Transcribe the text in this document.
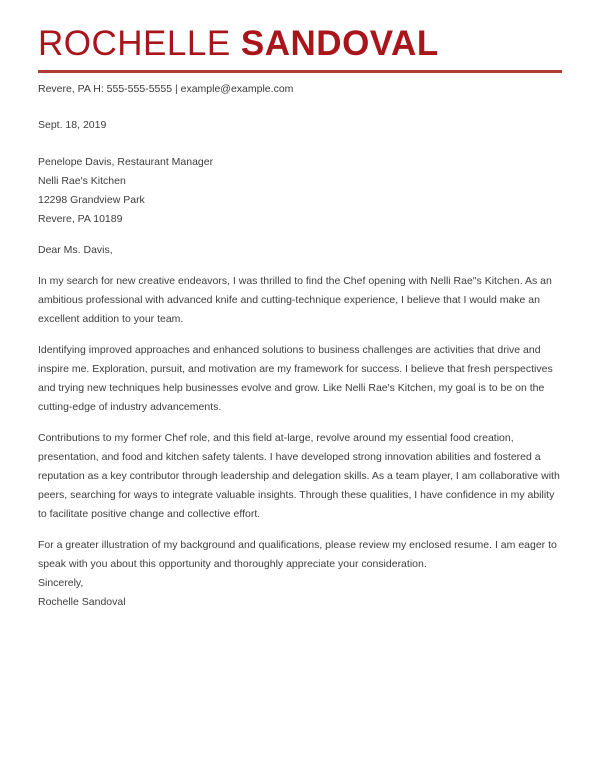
ROCHELLE SANDOVAL
Revere, PA H: 555-555-5555 | example@example.com
Sept. 18, 2019
Penelope Davis, Restaurant Manager
Nelli Rae's Kitchen
12298 Grandview Park
Revere, PA 10189
Dear Ms. Davis,

In my search for new creative endeavors, I was thrilled to find the Chef opening with Nelli Rae"s Kitchen. As an ambitious professional with advanced knife and cutting-technique experience, I believe that I would make an excellent addition to your team.

Identifying improved approaches and enhanced solutions to business challenges are activities that drive and inspire me. Exploration, pursuit, and motivation are my framework for success. I believe that fresh perspectives and trying new techniques help businesses evolve and grow. Like Nelli Rae's Kitchen, my goal is to be on the cutting-edge of industry advancements.

Contributions to my former Chef role, and this field at-large, revolve around my essential food creation, presentation, and food and kitchen safety talents. I have developed strong innovation abilities and fostered a reputation as a key contributor through leadership and delegation skills. As a team player, I am collaborative with peers, searching for ways to integrate valuable insights. Through these qualities, I have confidence in my ability to facilitate positive change and collective effort.

For a greater illustration of my background and qualifications, please review my enclosed resume. I am eager to speak with you about this opportunity and thoroughly appreciate your consideration.

Sincerely,
Rochelle Sandoval
